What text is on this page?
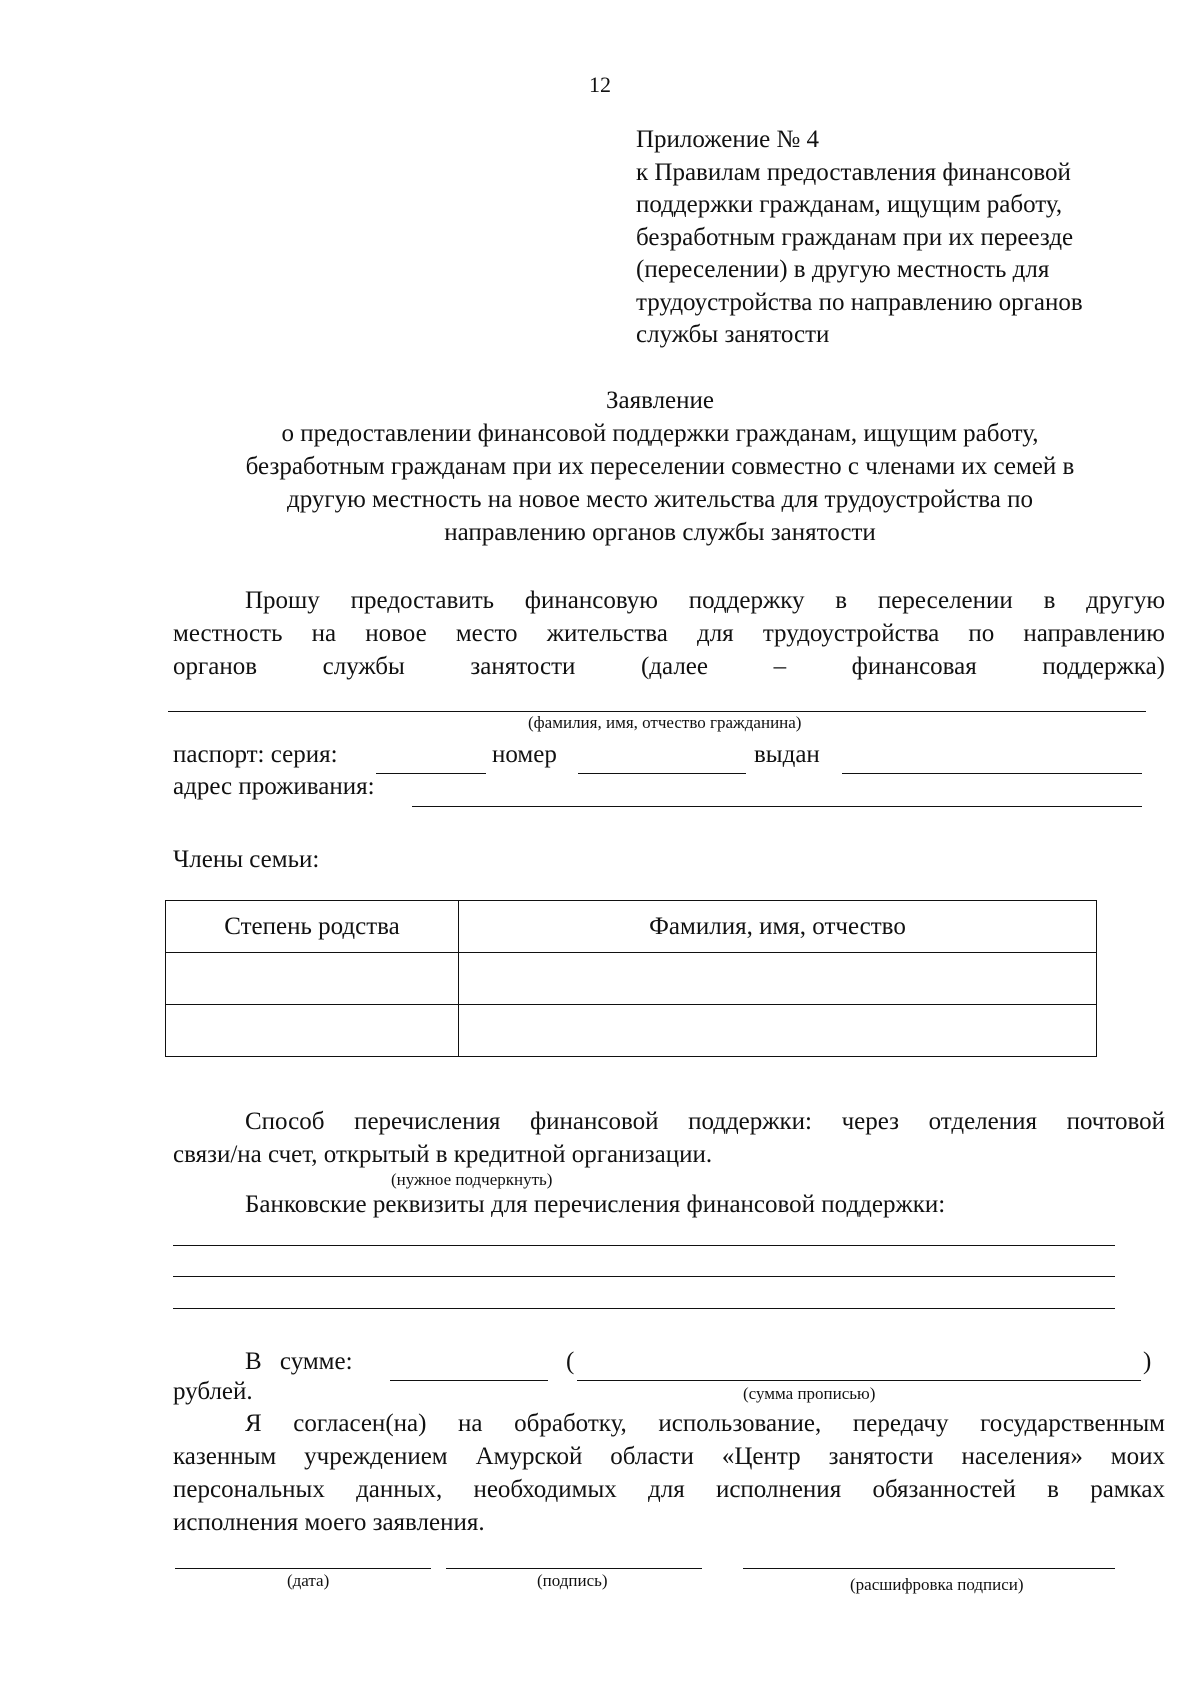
12
Приложение № 4
к Правилам предоставления финансовой
поддержки гражданам, ищущим работу,
безработным гражданам при их переезде
(переселении) в другую местность для
трудоустройства по направлению органов
службы занятости
Заявление
о предоставлении финансовой поддержки гражданам, ищущим работу,
безработным гражданам при их переселении совместно с членами их семей в
другую местность на новое место жительства для трудоустройства по
направлению органов службы занятости
Прошу предоставить финансовую поддержку в переселении в другую
местность на новое место жительства для трудоустройства по направлению
органов службы занятости (далее – финансовая поддержка)
(фамилия, имя, отчество гражданина)
паспорт: серия:	номер	выдан
адрес проживания:
Члены семьи:
Степень родства	Фамилия, имя, отчество

Способ перечисления финансовой поддержки: через отделения почтовой
связи/на счет, открытый в кредитной организации.
(нужное подчеркнуть)
Банковские реквизиты для перечисления финансовой поддержки:
В сумме:	(	)
рублей.	(сумма прописью)
Я согласен(на) на обработку, использование, передачу государственным
казенным учреждением Амурской области «Центр занятости населения» моих
персональных данных, необходимых для исполнения обязанностей в рамках
исполнения моего заявления.
(дата)	(подпись)	(расшифровка подписи)
